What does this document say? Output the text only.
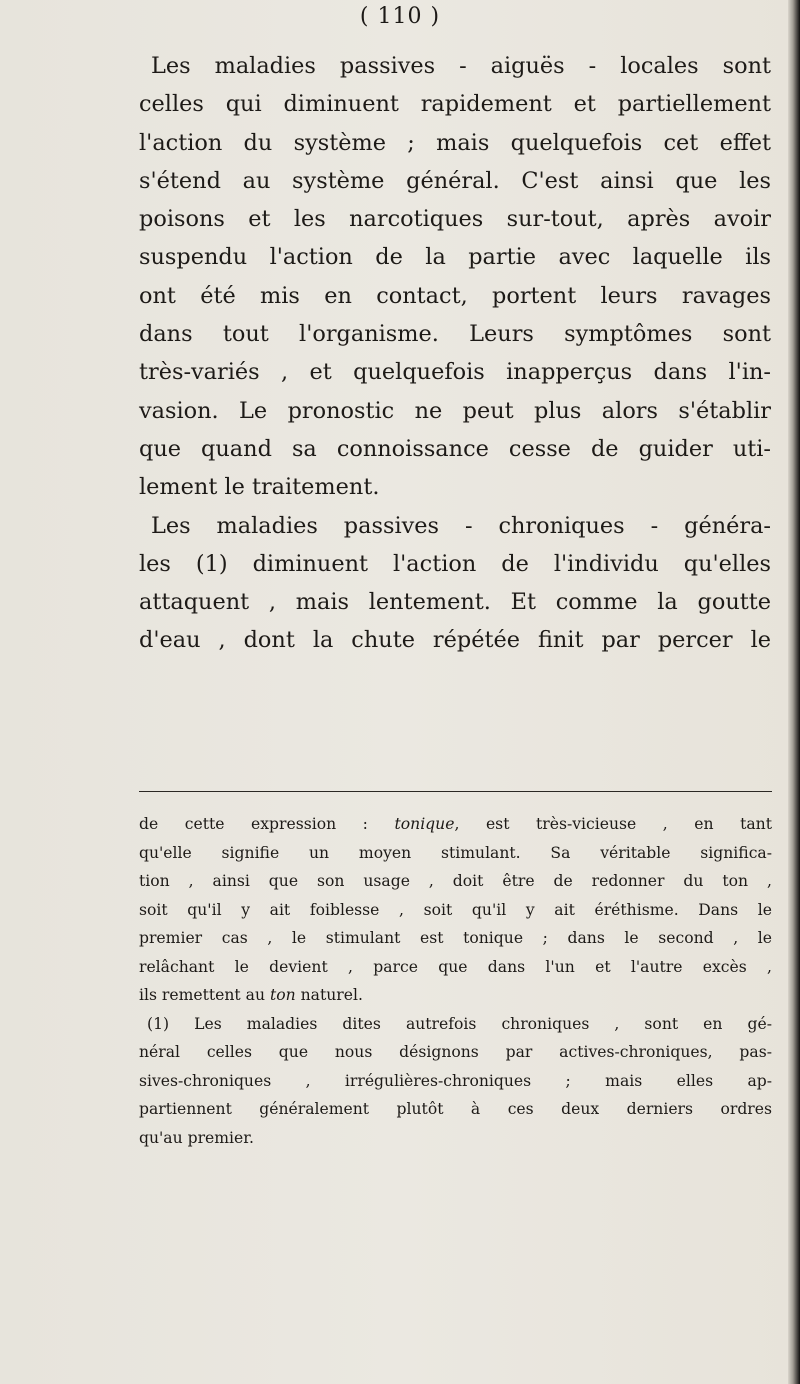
( 110 )

Les maladies passives - aiguës - locales sont
celles qui diminuent rapidement et partiellement
l'action du système ; mais quelquefois cet effet
s'étend au système général. C'est ainsi que les
poisons et les narcotiques sur-tout, après avoir
suspendu l'action de la partie avec laquelle ils
ont été mis en contact, portent leurs ravages
dans tout l'organisme. Leurs symptômes sont
très-variés , et quelquefois inapperçus dans l'in-
vasion. Le pronostic ne peut plus alors s'établir
que quand sa connoissance cesse de guider uti-
lement le traitement.

Les maladies passives - chroniques - généra-
les (1) diminuent l'action de l'individu qu'elles
attaquent , mais lentement. Et comme la goutte
d'eau , dont la chute répétée finit par percer le

de cette expression : tonique, est très-vicieuse , en tant
qu'elle signifie un moyen stimulant. Sa véritable significa-
tion , ainsi que son usage , doit être de redonner du ton ,
soit qu'il y ait foiblesse , soit qu'il y ait éréthisme. Dans le
premier cas , le stimulant est tonique ; dans le second , le
relâchant le devient , parce que dans l'un et l'autre excès ,
ils remettent au ton naturel.
(1) Les maladies dites autrefois chroniques , sont en gé-
néral celles que nous désignons par actives-chroniques, pas-
sives-chroniques , irrégulières-chroniques ; mais elles ap-
partiennent généralement plutôt à ces deux derniers ordres
qu'au premier.
